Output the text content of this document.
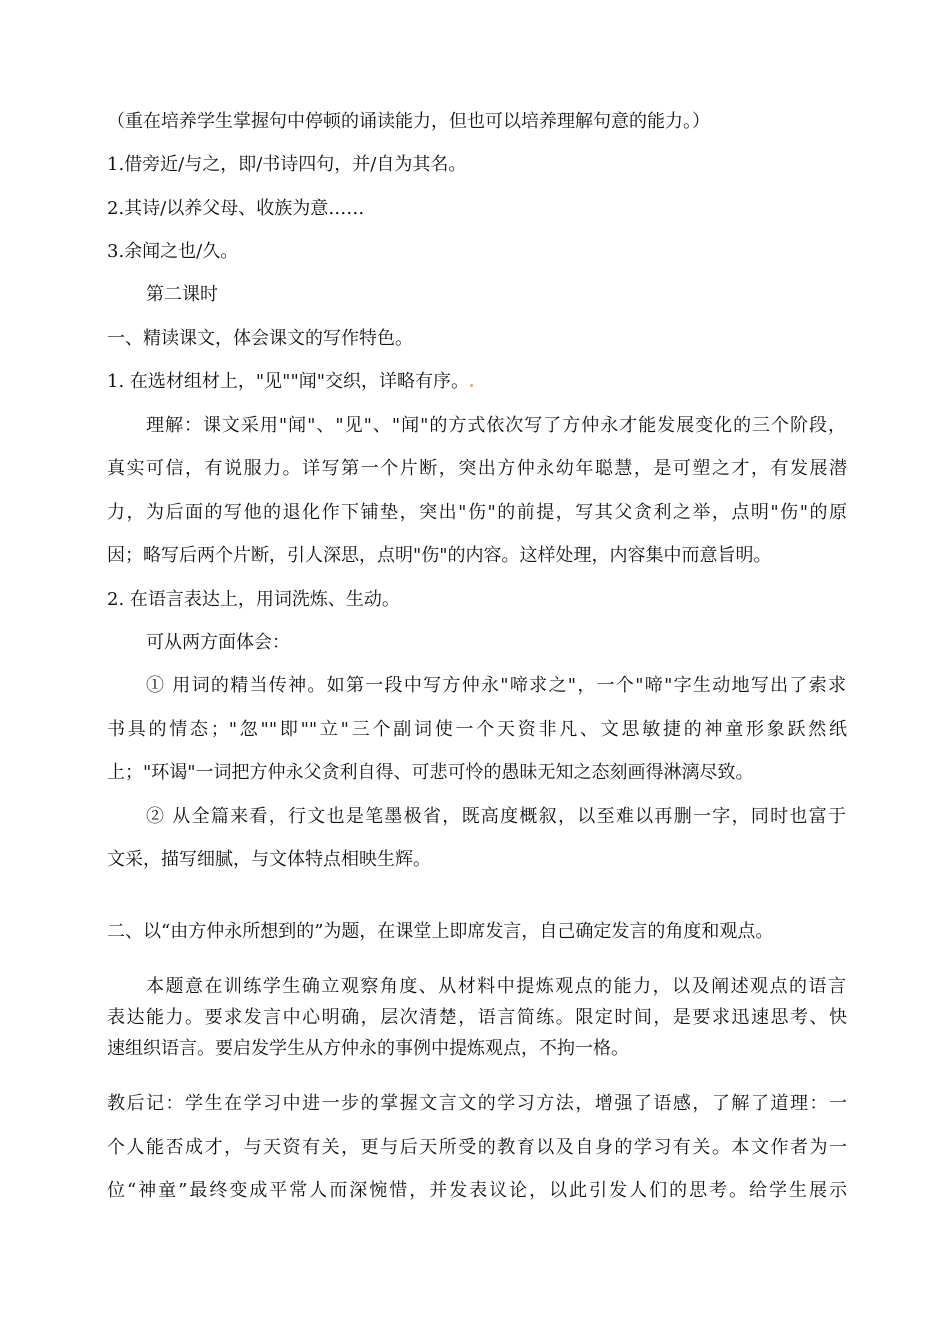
（重在培养学生掌握句中停顿的诵读能力，但也可以培养理解句意的能力。）
1.借旁近/与之，即/书诗四句，并/自为其名。
2.其诗/以养父母、收族为意……
3.余闻之也/久。
第二课时
一、精读课文，体会课文的写作特色。
1. 在选材组材上，"见""闻"交织，详略有序。
理解：课文采用"闻"、"见"、"闻"的方式依次写了方仲永才能发展变化的三个阶段，
真实可信，有说服力。详写第一个片断，突出方仲永幼年聪慧，是可塑之才，有发展潜
力，为后面的写他的退化作下铺垫，突出"伤"的前提，写其父贪利之举，点明"伤"的原
因；略写后两个片断，引人深思，点明"伤"的内容。这样处理，内容集中而意旨明。
2. 在语言表达上，用词洗炼、生动。
可从两方面体会：
① 用词的精当传神。如第一段中写方仲永"啼求之"，一个"啼"字生动地写出了索求
书具的情态；"忽""即""立"三个副词使一个天资非凡、文思敏捷的神童形象跃然纸
上；"环谒"一词把方仲永父贪利自得、可悲可怜的愚昧无知之态刻画得淋漓尽致。
② 从全篇来看，行文也是笔墨极省，既高度概叙，以至难以再删一字，同时也富于
文采，描写细腻，与文体特点相映生辉。
二、以“由方仲永所想到的”为题，在课堂上即席发言，自己确定发言的角度和观点。
本题意在训练学生确立观察角度、从材料中提炼观点的能力，以及阐述观点的语言
表达能力。要求发言中心明确，层次清楚，语言简练。限定时间，是要求迅速思考、快
速组织语言。要启发学生从方仲永的事例中提炼观点，不拘一格。
教后记：学生在学习中进一步的掌握文言文的学习方法，增强了语感，了解了道理：一
个人能否成才，与天资有关，更与后天所受的教育以及自身的学习有关。本文作者为一
位“神童”最终变成平常人而深惋惜，并发表议论，以此引发人们的思考。给学生展示
